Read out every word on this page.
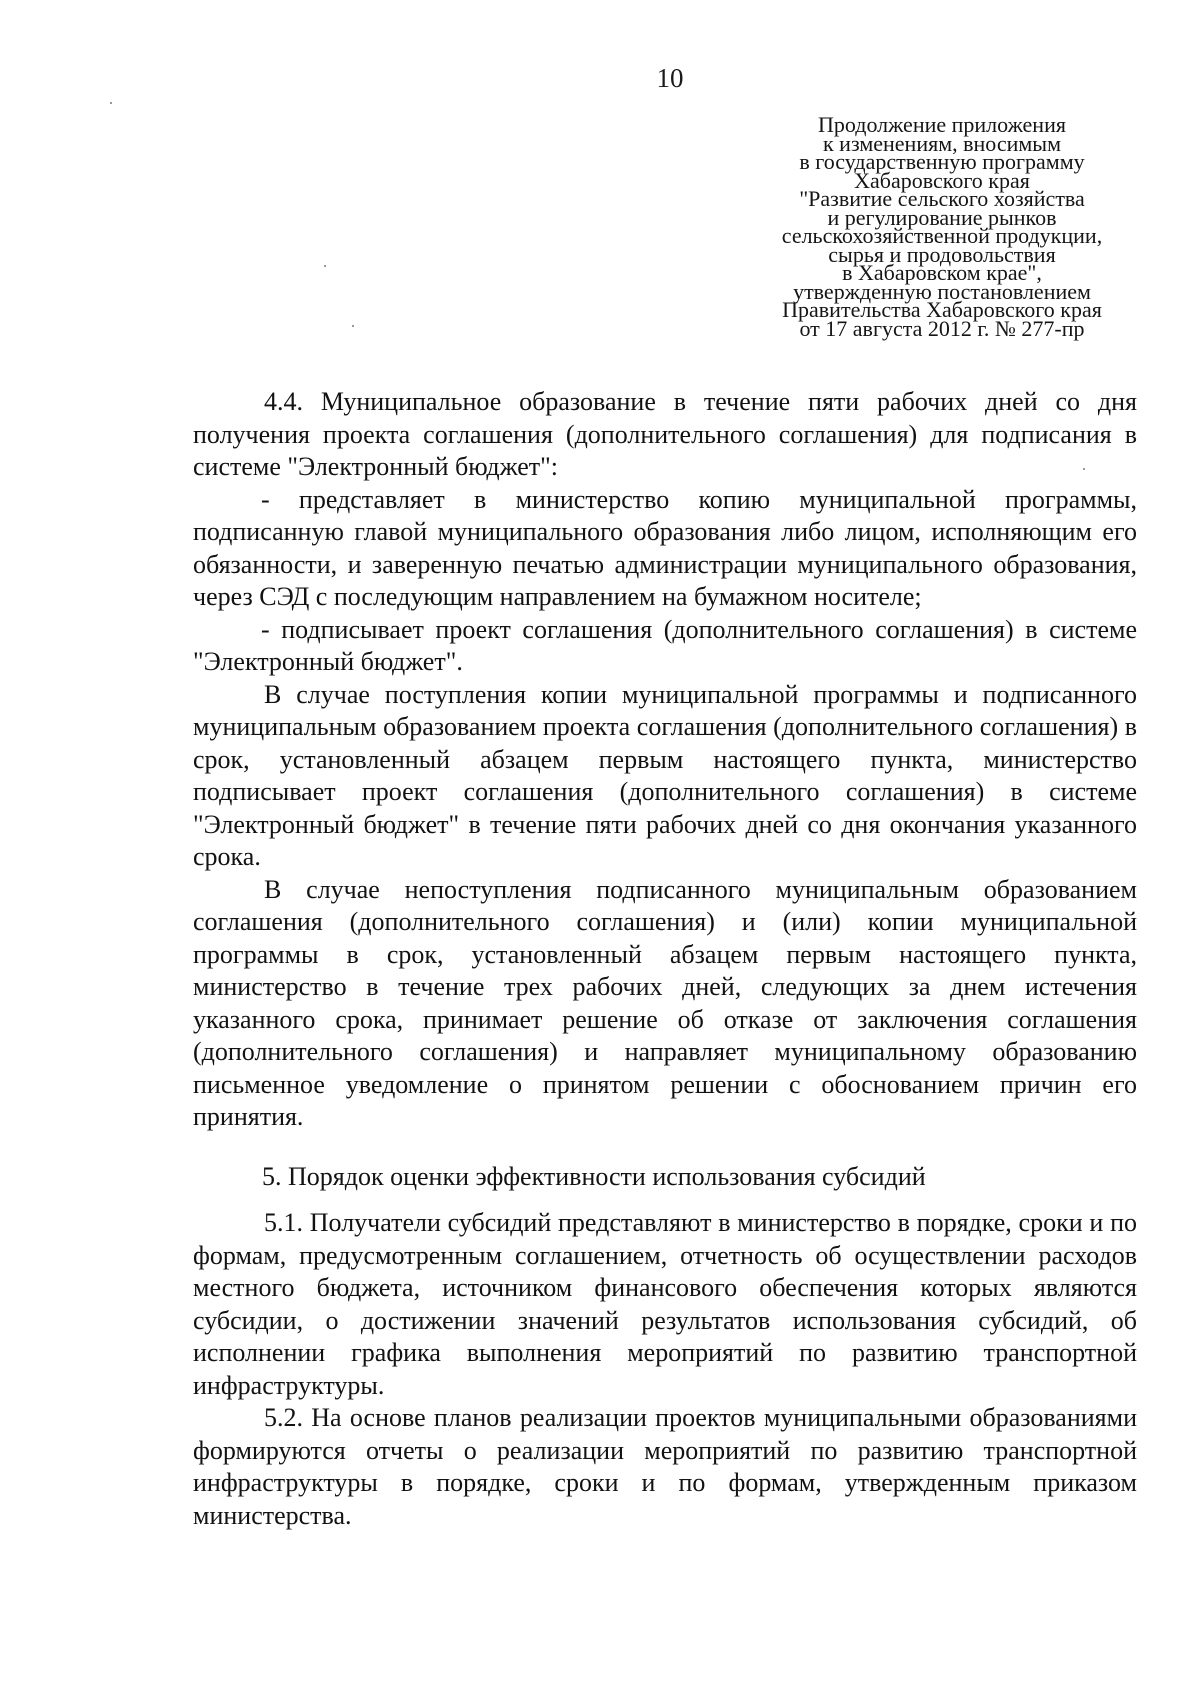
10
Продолжение приложения
к изменениям, вносимым
в государственную программу
Хабаровского края
"Развитие сельского хозяйства
и регулирование рынков
сельскохозяйственной продукции,
сырья и продовольствия
в Хабаровском крае",
утвержденную постановлением
Правительства Хабаровского края
от 17 августа 2012 г. № 277-пр

4.4. Муниципальное образование в течение пяти рабочих дней со дня получения проекта соглашения (дополнительного соглашения) для подписания в системе "Электронный бюджет":

- представляет в министерство копию муниципальной программы, подписанную главой муниципального образования либо лицом, исполняющим его обязанности, и заверенную печатью администрации муниципального образования, через СЭД с последующим направлением на бумажном носителе;

- подписывает проект соглашения (дополнительного соглашения) в системе "Электронный бюджет".

В случае поступления копии муниципальной программы и подписанного муниципальным образованием проекта соглашения (дополнительного соглашения) в срок, установленный абзацем первым настоящего пункта, министерство подписывает проект соглашения (дополнительного соглашения) в системе "Электронный бюджет" в течение пяти рабочих дней со дня окончания указанного срока.

В случае непоступления подписанного муниципальным образованием соглашения (дополнительного соглашения) и (или) копии муниципальной программы в срок, установленный абзацем первым настоящего пункта, министерство в течение трех рабочих дней, следующих за днем истечения указанного срока, принимает решение об отказе от заключения соглашения (дополнительного соглашения) и направляет муниципальному образованию письменное уведомление о принятом решении с обоснованием причин его принятия.

5. Порядок оценки эффективности использования субсидий

5.1. Получатели субсидий представляют в министерство в порядке, сроки и по формам, предусмотренным соглашением, отчетность об осуществлении расходов местного бюджета, источником финансового обеспечения которых являются субсидии, о достижении значений результатов использования субсидий, об исполнении графика выполнения мероприятий по развитию транспортной инфраструктуры.

5.2. На основе планов реализации проектов муниципальными образованиями формируются отчеты о реализации мероприятий по развитию транспортной инфраструктуры в порядке, сроки и по формам, утвержденным приказом министерства.
